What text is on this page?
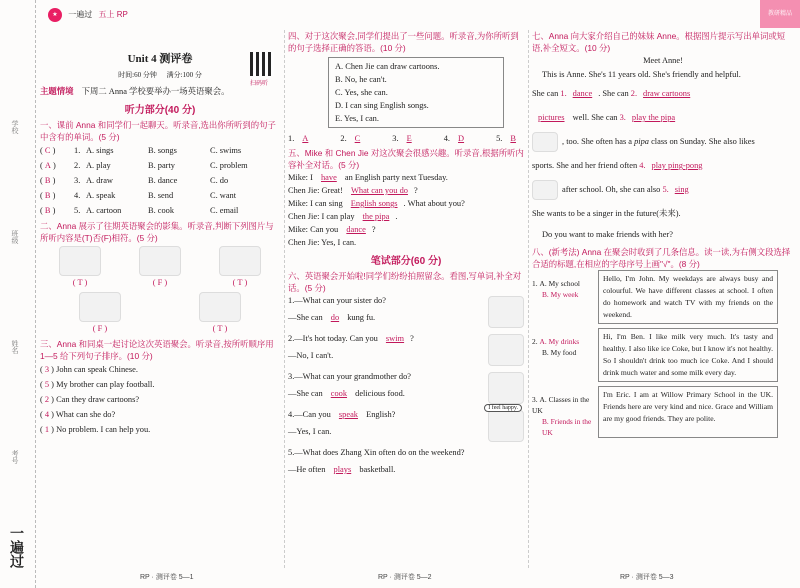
教研精品
学校
班级
姓名
考号
一遍过
★ 一遍过 五上 RP
Unit 4 测评卷
时间:60 分钟 满分:100 分
主题情境 下周二 Anna 学校要举办一场英语聚会。
听力部分(40 分)
一、课前 Anna 和同学们一起聊天。听录音,选出你所听到的句子中含有的单词。(5 分)
( C )	1. A. sings	B. songs	C. swims
( A )	2. A. play	B. party	C. problem
( B )	3. A. draw	B. dance	C. do
( B )	4. A. speak	B. send	C. want
( B )	5. A. cartoon	B. cook	C. email
二、Anna 展示了往期英语聚会的影集。听录音,判断下列图片与所听内容是(T)否(F)相符。(5 分)
( T )	( F )	( T )
( F )	( T )
三、Anna 和同桌一起讨论这次英语聚会。听录音,按所听顺序用 1—5 给下列句子排序。(10 分)
( 3 ) John can speak Chinese.
( 5 ) My brother can play football.
( 2 ) Can they draw cartoons?
( 4 ) What can she do?
( 1 ) No problem. I can help you.
扫码听
四、对于这次聚会,同学们提出了一些问题。听录音,为你所听到的句子选择正确的答语。(10 分)
A. Chen Jie can draw cartoons.
B. No, he can't.
C. Yes, she can.
D. I can sing English songs.
E. Yes, I can.
1. A	2. C	3. E	4. D	5. B
五、Mike 和 Chen Jie 对这次聚会很感兴趣。听录音,根据所听内容补全对话。(5 分)
Mike: I have an English party next Tuesday.
Chen Jie: Great! What can you do ?
Mike: I can sing English songs . What about you?
Chen Jie: I can play the pipa .
Mike: Can you dance ?
Chen Jie: Yes, I can.
笔试部分(60 分)
六、英语聚会开始啦!同学们纷纷拍照留念。看图,写单词,补全对话。(5 分)
1.—What can your sister do?
—She can do kung fu.
2.—It's hot today. Can you swim ?
—No, I can't.
3.—What can your grandmother do?
—She can cook delicious food.
4.—Can you speak English?
—Yes, I can.
I feel happy.
5.—What does Zhang Xin often do on the weekend?
—He often plays basketball.
七、Anna 向大家介绍自己的妹妹 Anne。根据图片提示写出单词或短语,补全短文。(10 分)
Meet Anne!
This is Anne. She's 11 years old. She's friendly and helpful.
She can 1. dance . She can 2. draw cartoons
pictures well. She can 3. play the pipa
, too. She often has a pipa class on Sunday. She also likes
sports. She and her friend often 4. play ping-pong
after school. Oh, she can also 5. sing
She wants to be a singer in the future(未来).
Do you want to make friends with her?
八、(新考法) Anna 在聚会时收到了几条信息。读一读,为右侧文段选择合适的标题,在相应的字母序号上画"√"。(8 分)
1. A. My school
B. My week
Hello, I'm John. My weekdays are always busy and colourful. We have different classes at school. I often do homework and watch TV with my friends on the weekend.
2. A. My drinks
B. My food
Hi, I'm Ben. I like milk very much. It's tasty and healthy. I also like ice Coke, but I know it's not healthy. So I shouldn't drink too much ice Coke. And I should drink much water and some milk every day.
3. A. Classes in the UK
B. Friends in the UK
I'm Eric. I am at Willow Primary School in the UK. Friends here are very kind and nice. Grace and William are my good friends. They are polite.
RP · 测评卷 5—1	RP · 测评卷 5—2	RP · 测评卷 5—3
